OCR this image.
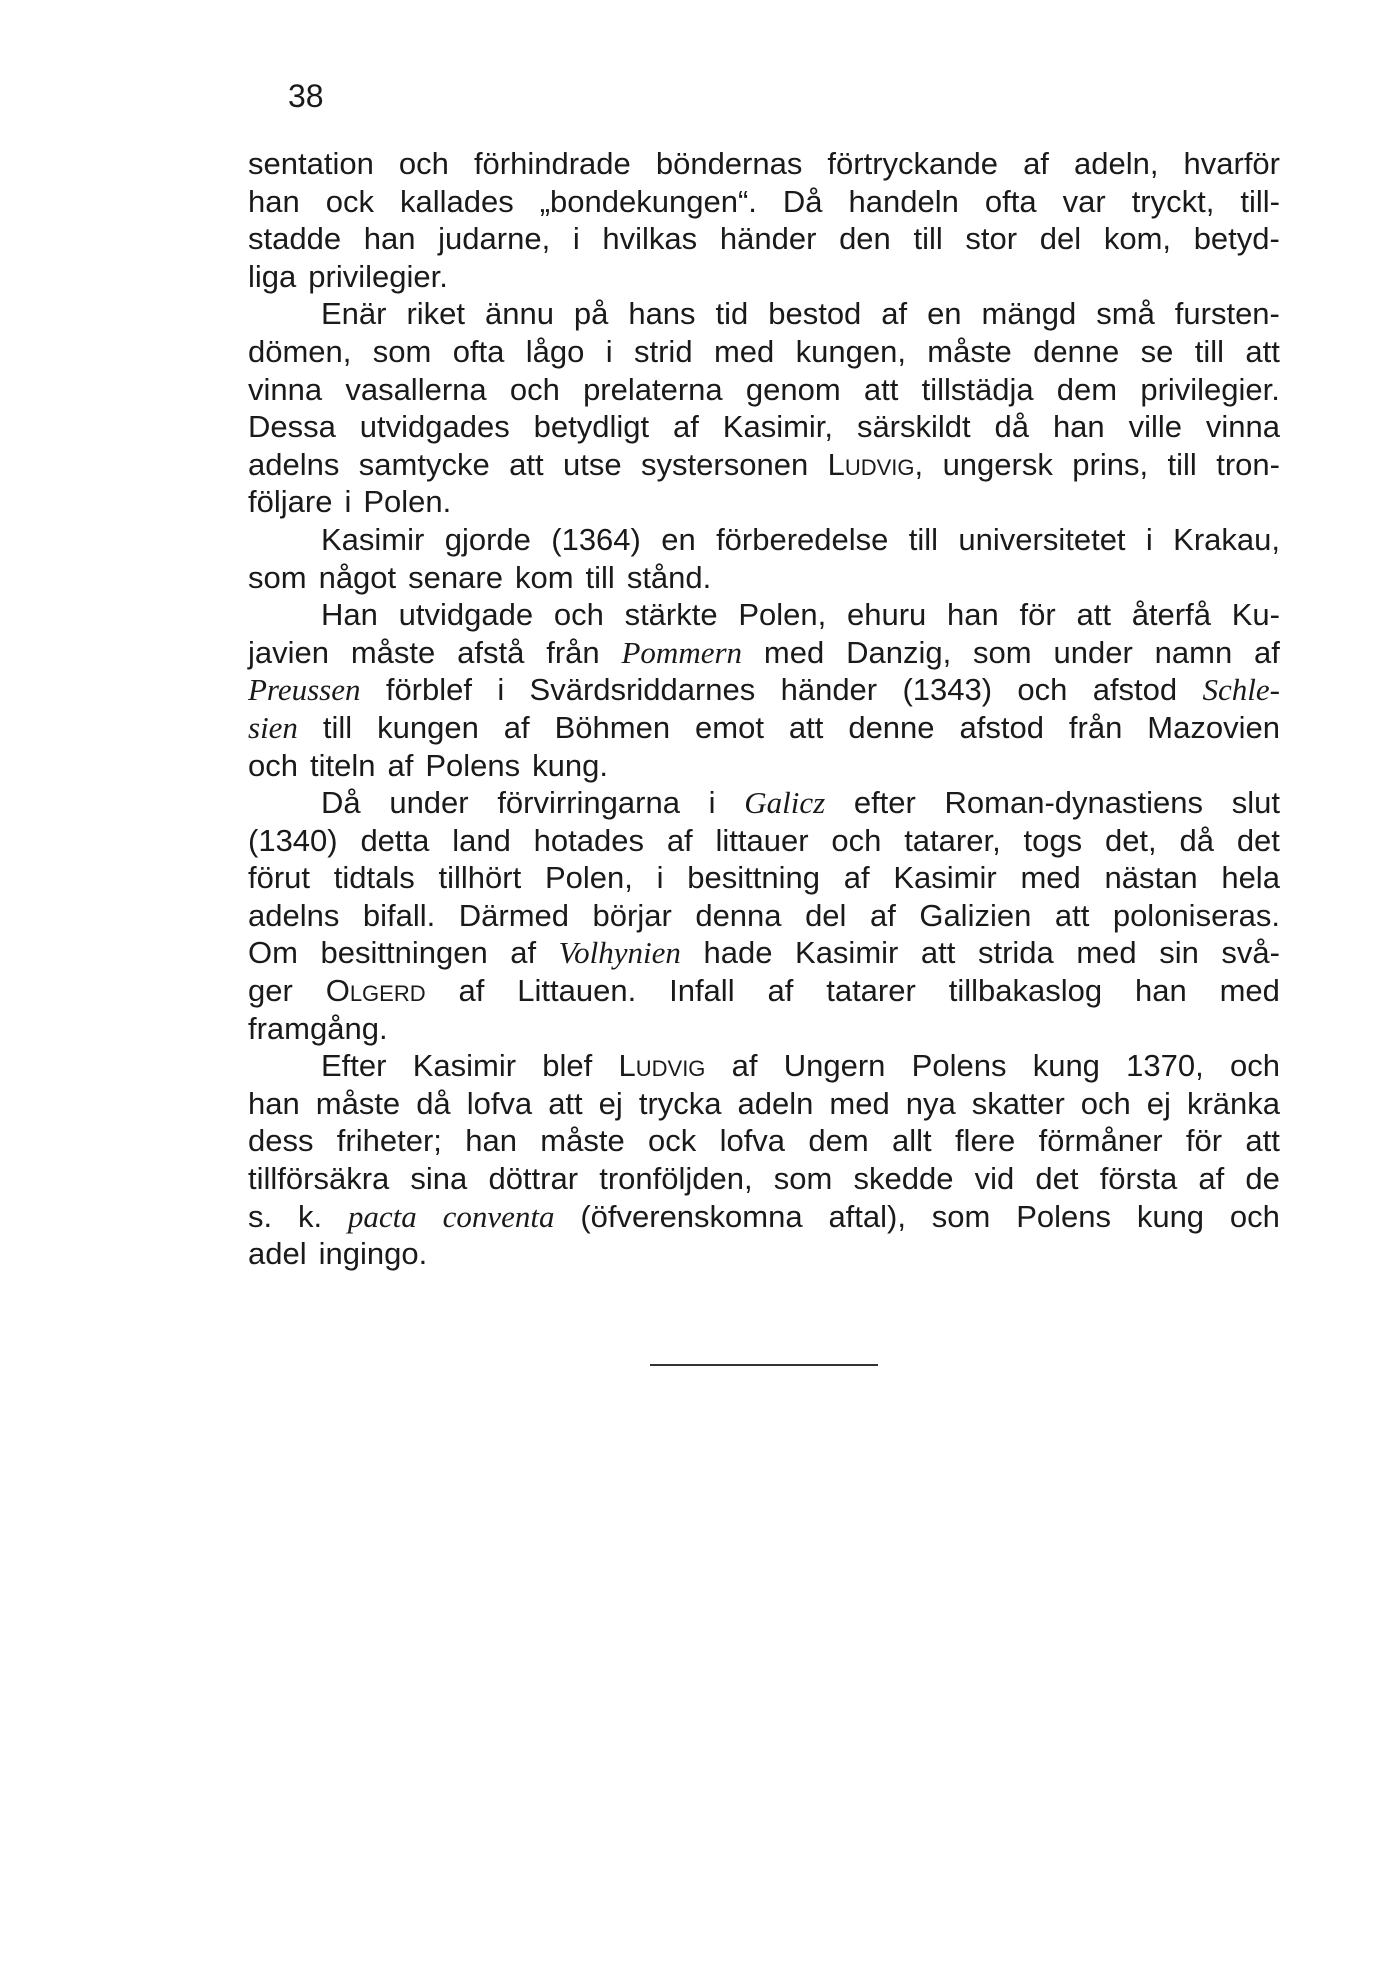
38
sentation och förhindrade böndernas förtryckande af adeln, hvarför
han ock kallades „bondekungen“. Då handeln ofta var tryckt, till-
stadde han judarne, i hvilkas händer den till stor del kom, betyd-
liga privilegier.
Enär riket ännu på hans tid bestod af en mängd små fursten-
dömen, som ofta lågo i strid med kungen, måste denne se till att
vinna vasallerna och prelaterna genom att tillstädja dem privilegier.
Dessa utvidgades betydligt af Kasimir, särskildt då han ville vinna
adelns samtycke att utse systersonen Ludvig, ungersk prins, till tron-
följare i Polen.
Kasimir gjorde (1364) en förberedelse till universitetet i Krakau,
som något senare kom till stånd.
Han utvidgade och stärkte Polen, ehuru han för att återfå Ku-
javien måste afstå från Pommern med Danzig, som under namn af
Preussen förblef i Svärdsriddarnes händer (1343) och afstod Schle-
sien till kungen af Böhmen emot att denne afstod från Mazovien
och titeln af Polens kung.
Då under förvirringarna i Galicz efter Roman-dynastiens slut
(1340) detta land hotades af littauer och tatarer, togs det, då det
förut tidtals tillhört Polen, i besittning af Kasimir med nästan hela
adelns bifall. Därmed börjar denna del af Galizien att poloniseras.
Om besittningen af Volhynien hade Kasimir att strida med sin svå-
ger Olgerd af Littauen. Infall af tatarer tillbakaslog han med
framgång.
Efter Kasimir blef Ludvig af Ungern Polens kung 1370, och
han måste då lofva att ej trycka adeln med nya skatter och ej kränka
dess friheter; han måste ock lofva dem allt flere förmåner för att
tillförsäkra sina döttrar tronföljden, som skedde vid det första af de
s. k. pacta conventa (öfverenskomna aftal), som Polens kung och
adel ingingo.
